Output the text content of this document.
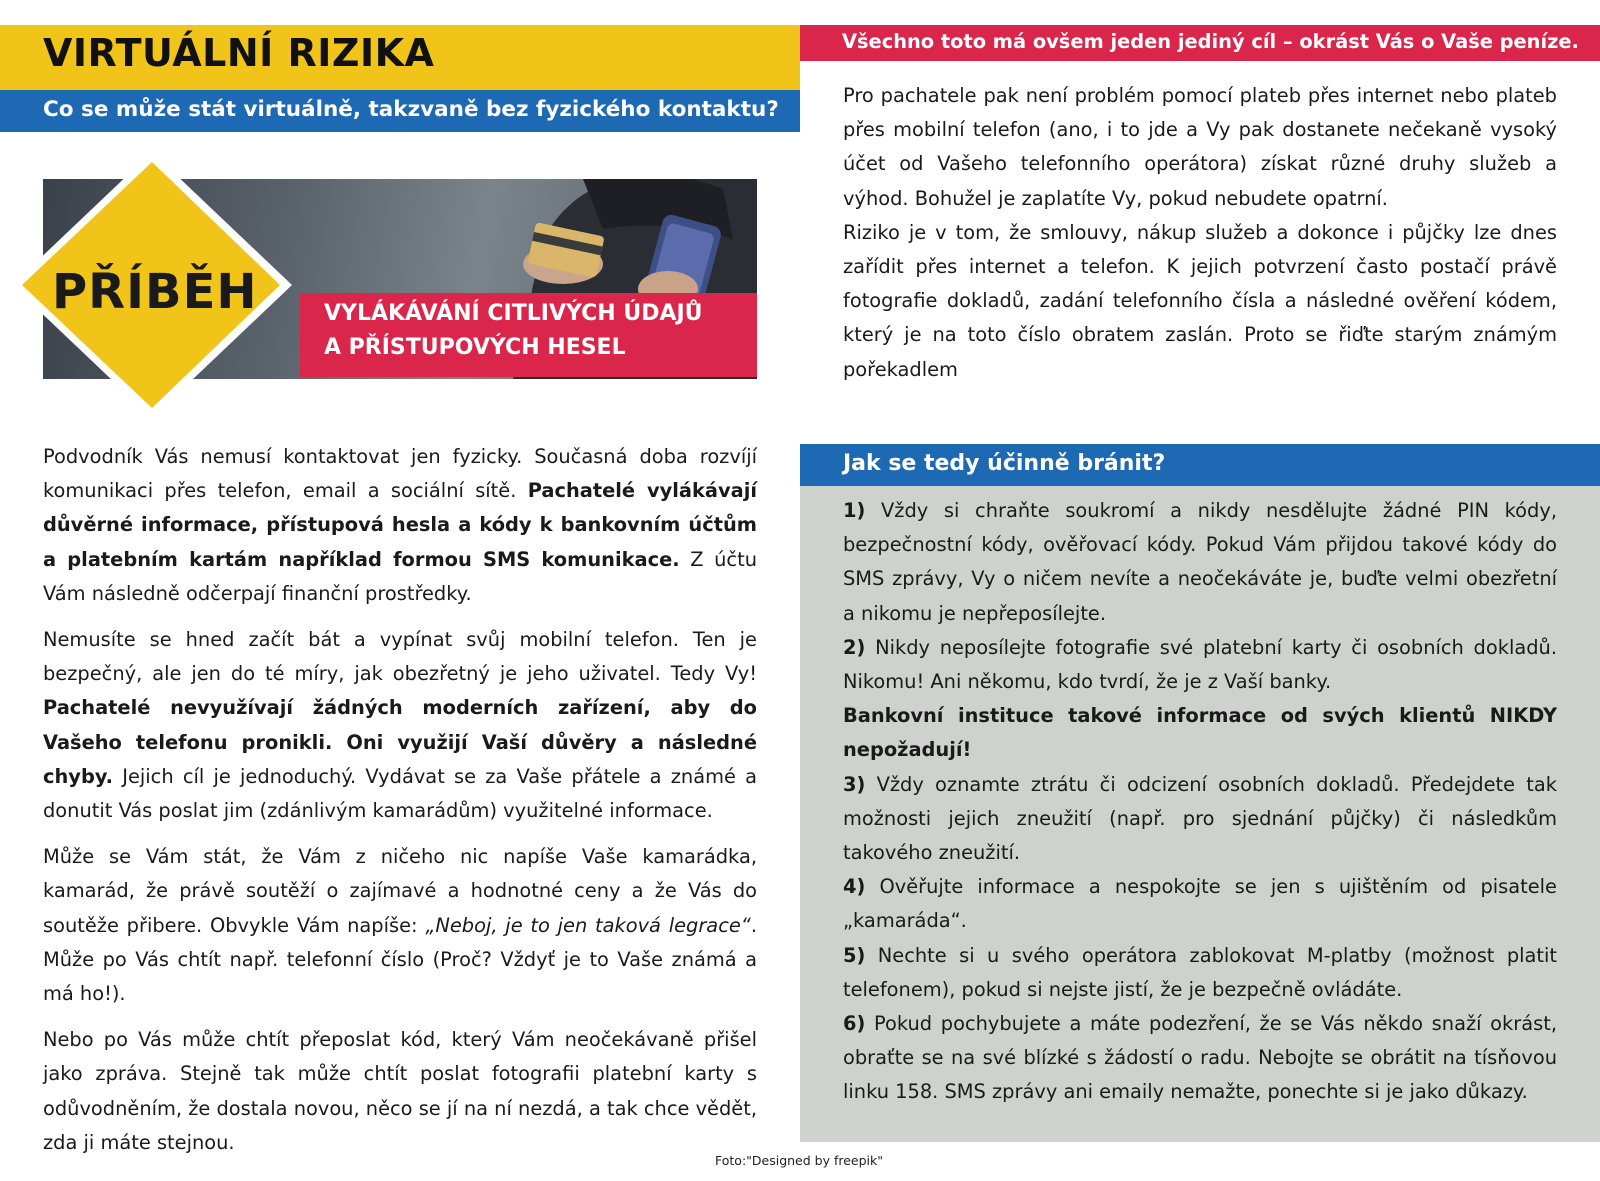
VIRTUÁLNÍ RIZIKA
Co se může stát virtuálně, takzvaně bez fyzického kontaktu?
VYLÁKÁVÁNÍ CITLIVÝCH ÚDAJŮ
A PŘÍSTUPOVÝCH HESEL
PŘÍBĚH

Podvodník Vás nemusí kontaktovat jen fyzicky. Současná doba rozvíjí komunikaci přes telefon, email a sociální sítě. Pachatelé vylákávají důvěrné informace, přístupová hesla a kódy k bankovním účtům a platebním kartám například formou SMS komunikace. Z účtu Vám následně odčerpají finanční prostředky.

Nemusíte se hned začít bát a vypínat svůj mobilní telefon. Ten je bezpečný, ale jen do té míry, jak obezřetný je jeho uživatel. Tedy Vy! Pachatelé nevyužívají žádných moderních zařízení, aby do Vašeho telefonu pronikli. Oni využijí Vaší důvěry a následné chyby. Jejich cíl je jednoduchý. Vydávat se za Vaše přátele a známé a donutit Vás poslat jim (zdánlivým kamarádům) využitelné informace.

Může se Vám stát, že Vám z ničeho nic napíše Vaše kamarádka, kamarád, že právě soutěží o zajímavé a hodnotné ceny a že Vás do soutěže přibere. Obvykle Vám napíše: „Neboj, je to jen taková legrace“. Může po Vás chtít např. telefonní číslo (Proč? Vždyť je to Vaše známá a má ho!).

Nebo po Vás může chtít přeposlat kód, který Vám neočekávaně přišel jako zpráva. Stejně tak může chtít poslat fotografii platební karty s odůvodněním, že dostala novou, něco se jí na ní nezdá, a tak chce vědět, zda ji máte stejnou.

Všechno toto má ovšem jeden jediný cíl – okrást Vás o Vaše peníze.

Pro pachatele pak není problém pomocí plateb přes internet nebo plateb přes mobilní telefon (ano, i to jde a Vy pak dostanete nečekaně vysoký účet od Vašeho telefonního operátora) získat různé druhy služeb a výhod. Bohužel je zaplatíte Vy, pokud nebudete opatrní.

Riziko je v tom, že smlouvy, nákup služeb a dokonce i půjčky lze dnes zařídit přes internet a telefon. K jejich potvrzení často postačí právě fotografie dokladů, zadání telefonního čísla a následné ověření kódem, který je na toto číslo obratem zaslán. Proto se řiďte starým známým pořekadlem

Jak se tedy účinně bránit?

1) Vždy si chraňte soukromí a nikdy nesdělujte žádné PIN kódy, bezpečnostní kódy, ověřovací kódy. Pokud Vám přijdou takové kódy do SMS zprávy, Vy o ničem nevíte a neočekáváte je, buďte velmi obezřetní a nikomu je nepřeposílejte.

2) Nikdy neposílejte fotografie své platební karty či osobních dokladů. Nikomu! Ani někomu, kdo tvrdí, že je z Vaší banky.

Bankovní instituce takové informace od svých klientů NIKDY nepožadují!

3) Vždy oznamte ztrátu či odcizení osobních dokladů. Předejdete tak možnosti jejich zneužití (např. pro sjednání půjčky) či následkům takového zneužití.

4) Ověřujte informace a nespokojte se jen s ujištěním od pisatele „kamaráda“.

5) Nechte si u svého operátora zablokovat M-platby (možnost platit telefonem), pokud si nejste jistí, že je bezpečně ovládáte.

6) Pokud pochybujete a máte podezření, že se Vás někdo snaží okrást, obraťte se na své blízké s žádostí o radu. Nebojte se obrátit na tísňovou linku 158. SMS zprávy ani emaily nemažte, ponechte si je jako důkazy.

Foto:"Designed by freepik"
